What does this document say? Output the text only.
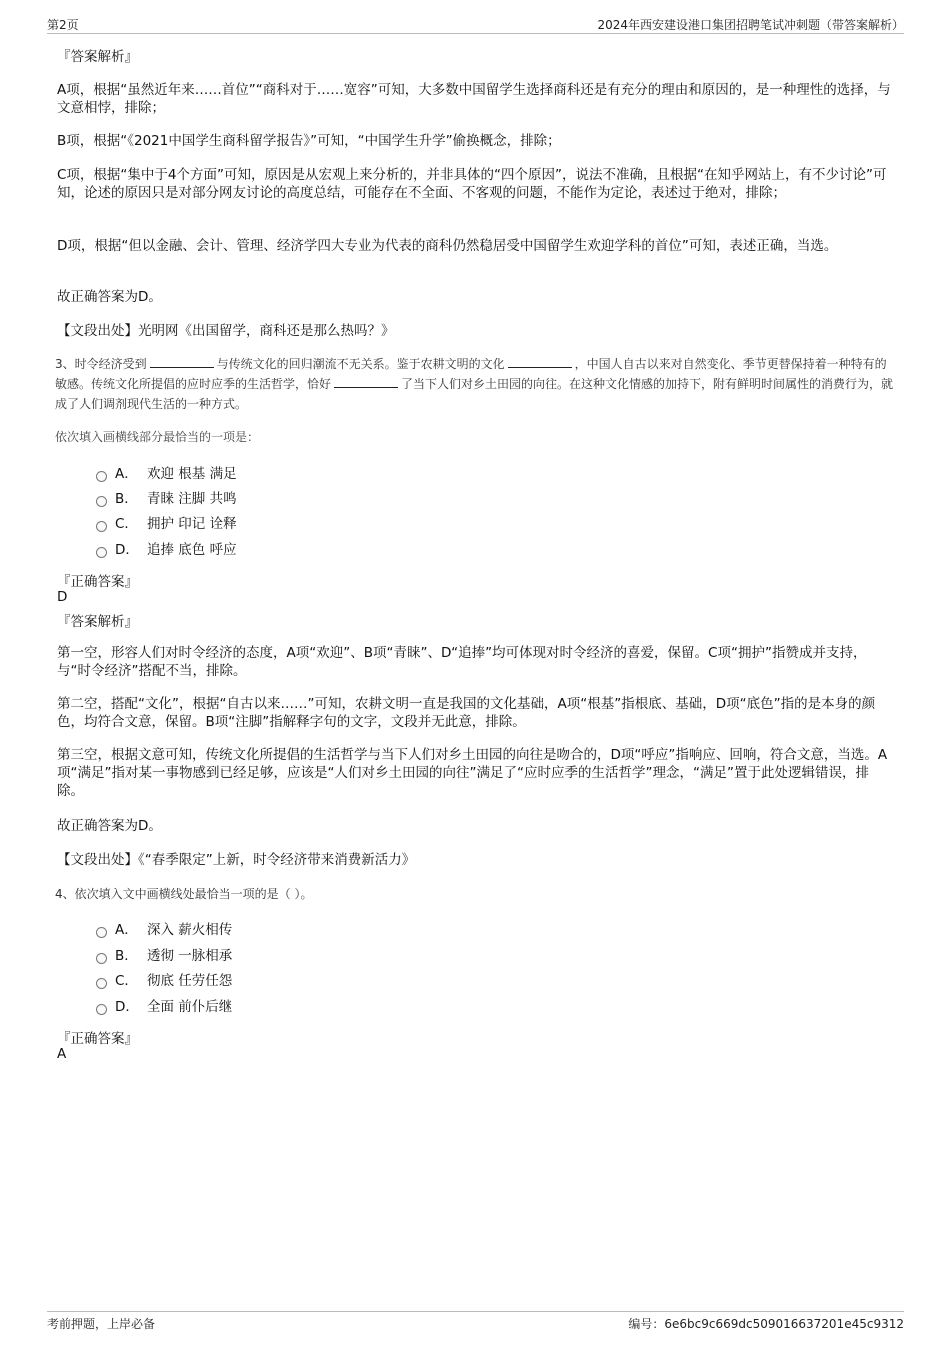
第2页	2024年西安建设港口集团招聘笔试冲刺题（带答案解析）
『答案解析』
A项，根据“虽然近年来……首位”“商科对于……宽容”可知，大多数中国留学生选择商科还是有充分的理由和原因的，是一种理性的选择，与文意相悖，排除；
B项，根据“《2021中国学生商科留学报告》”可知，“中国学生升学”偷换概念，排除；
C项，根据“集中于4个方面”可知，原因是从宏观上来分析的，并非具体的“四个原因”，说法不准确，且根据“在知乎网站上，有不少讨论”可知，论述的原因只是对部分网友讨论的高度总结，可能存在不全面、不客观的问题，不能作为定论，表述过于绝对，排除；
D项，根据“但以金融、会计、管理、经济学四大专业为代表的商科仍然稳居受中国留学生欢迎学科的首位”可知，表述正确，当选。
故正确答案为D。
【文段出处】光明网《出国留学，商科还是那么热吗？》
3、时令经济受到	与传统文化的回归潮流不无关系。鉴于农耕文明的文化	，中国人自古以来对自然变化、季节更替保持着一种特有的敏感。传统文化所提倡的应时应季的生活哲学，恰好	了当下人们对乡土田园的向往。在这种文化情感的加持下，附有鲜明时间属性的消费行为，就成了人们调剂现代生活的一种方式。
依次填入画横线部分最恰当的一项是：
A． 欢迎 根基 满足
B． 青睐 注脚 共鸣
C． 拥护 印记 诠释
D． 追捧 底色 呼应
『正确答案』
D
『答案解析』
第一空，形容人们对时令经济的态度，A项“欢迎”、B项“青睐”、D“追捧”均可体现对时令经济的喜爱，保留。C项“拥护”指赞成并支持，与“时令经济”搭配不当，排除。
第二空，搭配“文化”，根据“自古以来……”可知，农耕文明一直是我国的文化基础，A项“根基”指根底、基础，D项“底色”指的是本身的颜色，均符合文意，保留。B项“注脚”指解释字句的文字，文段并无此意，排除。
第三空，根据文意可知，传统文化所提倡的生活哲学与当下人们对乡土田园的向往是吻合的，D项“呼应”指响应、回响，符合文意，当选。A项“满足”指对某一事物感到已经足够，应该是“人们对乡土田园的向往”满足了“应时应季的生活哲学”理念，“满足”置于此处逻辑错误，排除。
故正确答案为D。
【文段出处】《“春季限定”上新，时令经济带来消费新活力》
4、依次填入文中画横线处最恰当一项的是（ ）。
A． 深入 薪火相传
B． 透彻 一脉相承
C． 彻底 任劳任怨
D． 全面 前仆后继
『正确答案』
A
考前押题，上岸必备	编号：6e6bc9c669dc509016637201e45c9312
